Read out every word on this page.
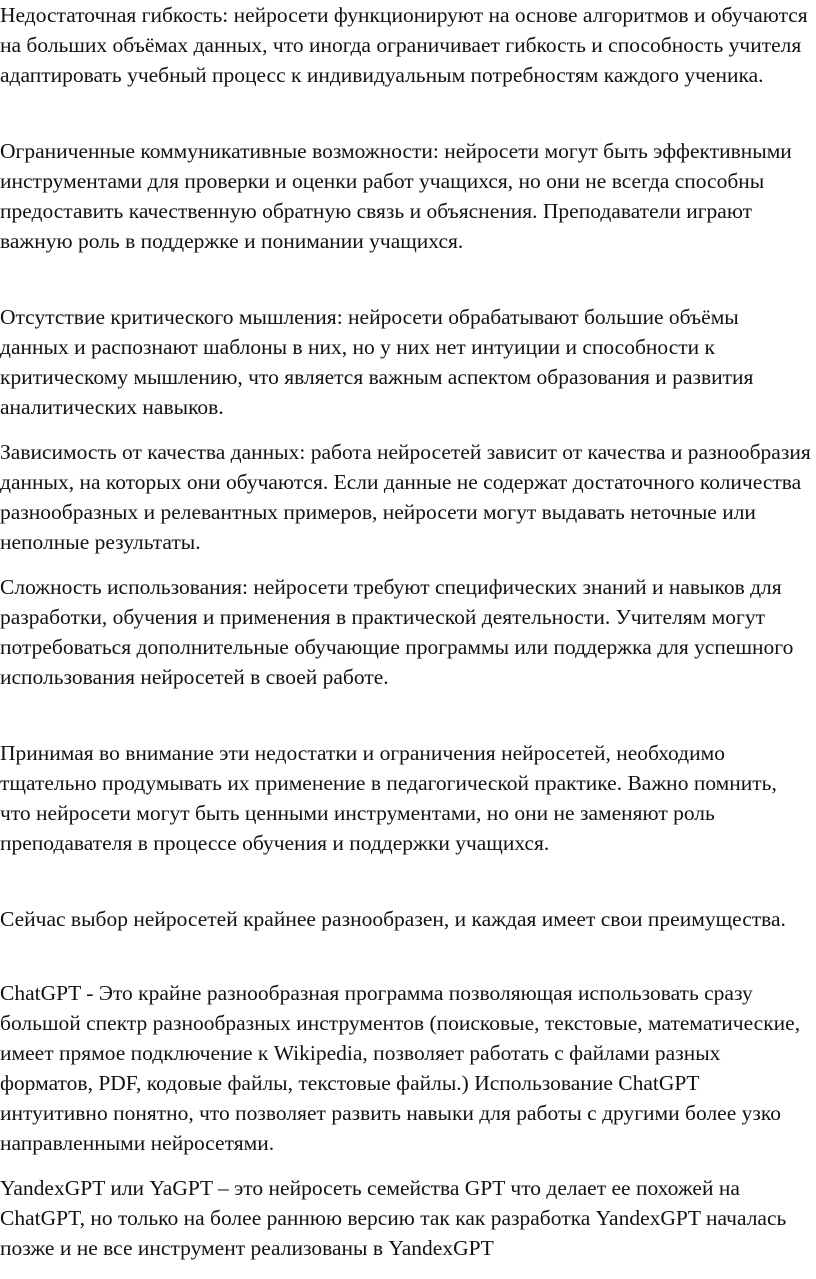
Недостаточная гибкость: нейросети функционируют на основе алгоритмов и обучаются на больших объёмах данных, что иногда ограничивает гибкость и способность учителя адаптировать учебный процесс к индивидуальным потребностям каждого ученика.

Ограниченные коммуникативные возможности: нейросети могут быть эффективными инструментами для проверки и оценки работ учащихся, но они не всегда способны предоставить качественную обратную связь и объяснения. Преподаватели играют важную роль в поддержке и понимании учащихся.

Отсутствие критического мышления: нейросети обрабатывают большие объёмы данных и распознают шаблоны в них, но у них нет интуиции и способности к критическому мышлению, что является важным аспектом образования и развития аналитических навыков.

Зависимость от качества данных: работа нейросетей зависит от качества и разнообразия данных, на которых они обучаются. Если данные не содержат достаточного количества разнообразных и релевантных примеров, нейросети могут выдавать неточные или неполные результаты.

Сложность использования: нейросети требуют специфических знаний и навыков для разработки, обучения и применения в практической деятельности. Учителям могут потребоваться дополнительные обучающие программы или поддержка для успешного использования нейросетей в своей работе.

Принимая во внимание эти недостатки и ограничения нейросетей, необходимо тщательно продумывать их применение в педагогической практике. Важно помнить, что нейросети могут быть ценными инструментами, но они не заменяют роль преподавателя в процессе обучения и поддержки учащихся.

Сейчас выбор нейросетей крайнее разнообразен, и каждая имеет свои преимущества.

ChatGPT - Это крайне разнообразная программа позволяющая использовать сразу большой спектр разнообразных инструментов (поисковые, текстовые, математические, имеет прямое подключение к Wikipedia, позволяет работать с файлами разных форматов, PDF, кодовые файлы, текстовые файлы.) Использование ChatGPT интуитивно понятно, что позволяет развить навыки для работы с другими более узко направленными нейросетями.

YandexGPT или YaGPT – это нейросеть семейства GPT что делает ее похожей на ChatGPT, но только на более раннюю версию так как разработка YandexGPT началась позже и не все инструмент реализованы в YandexGPT
